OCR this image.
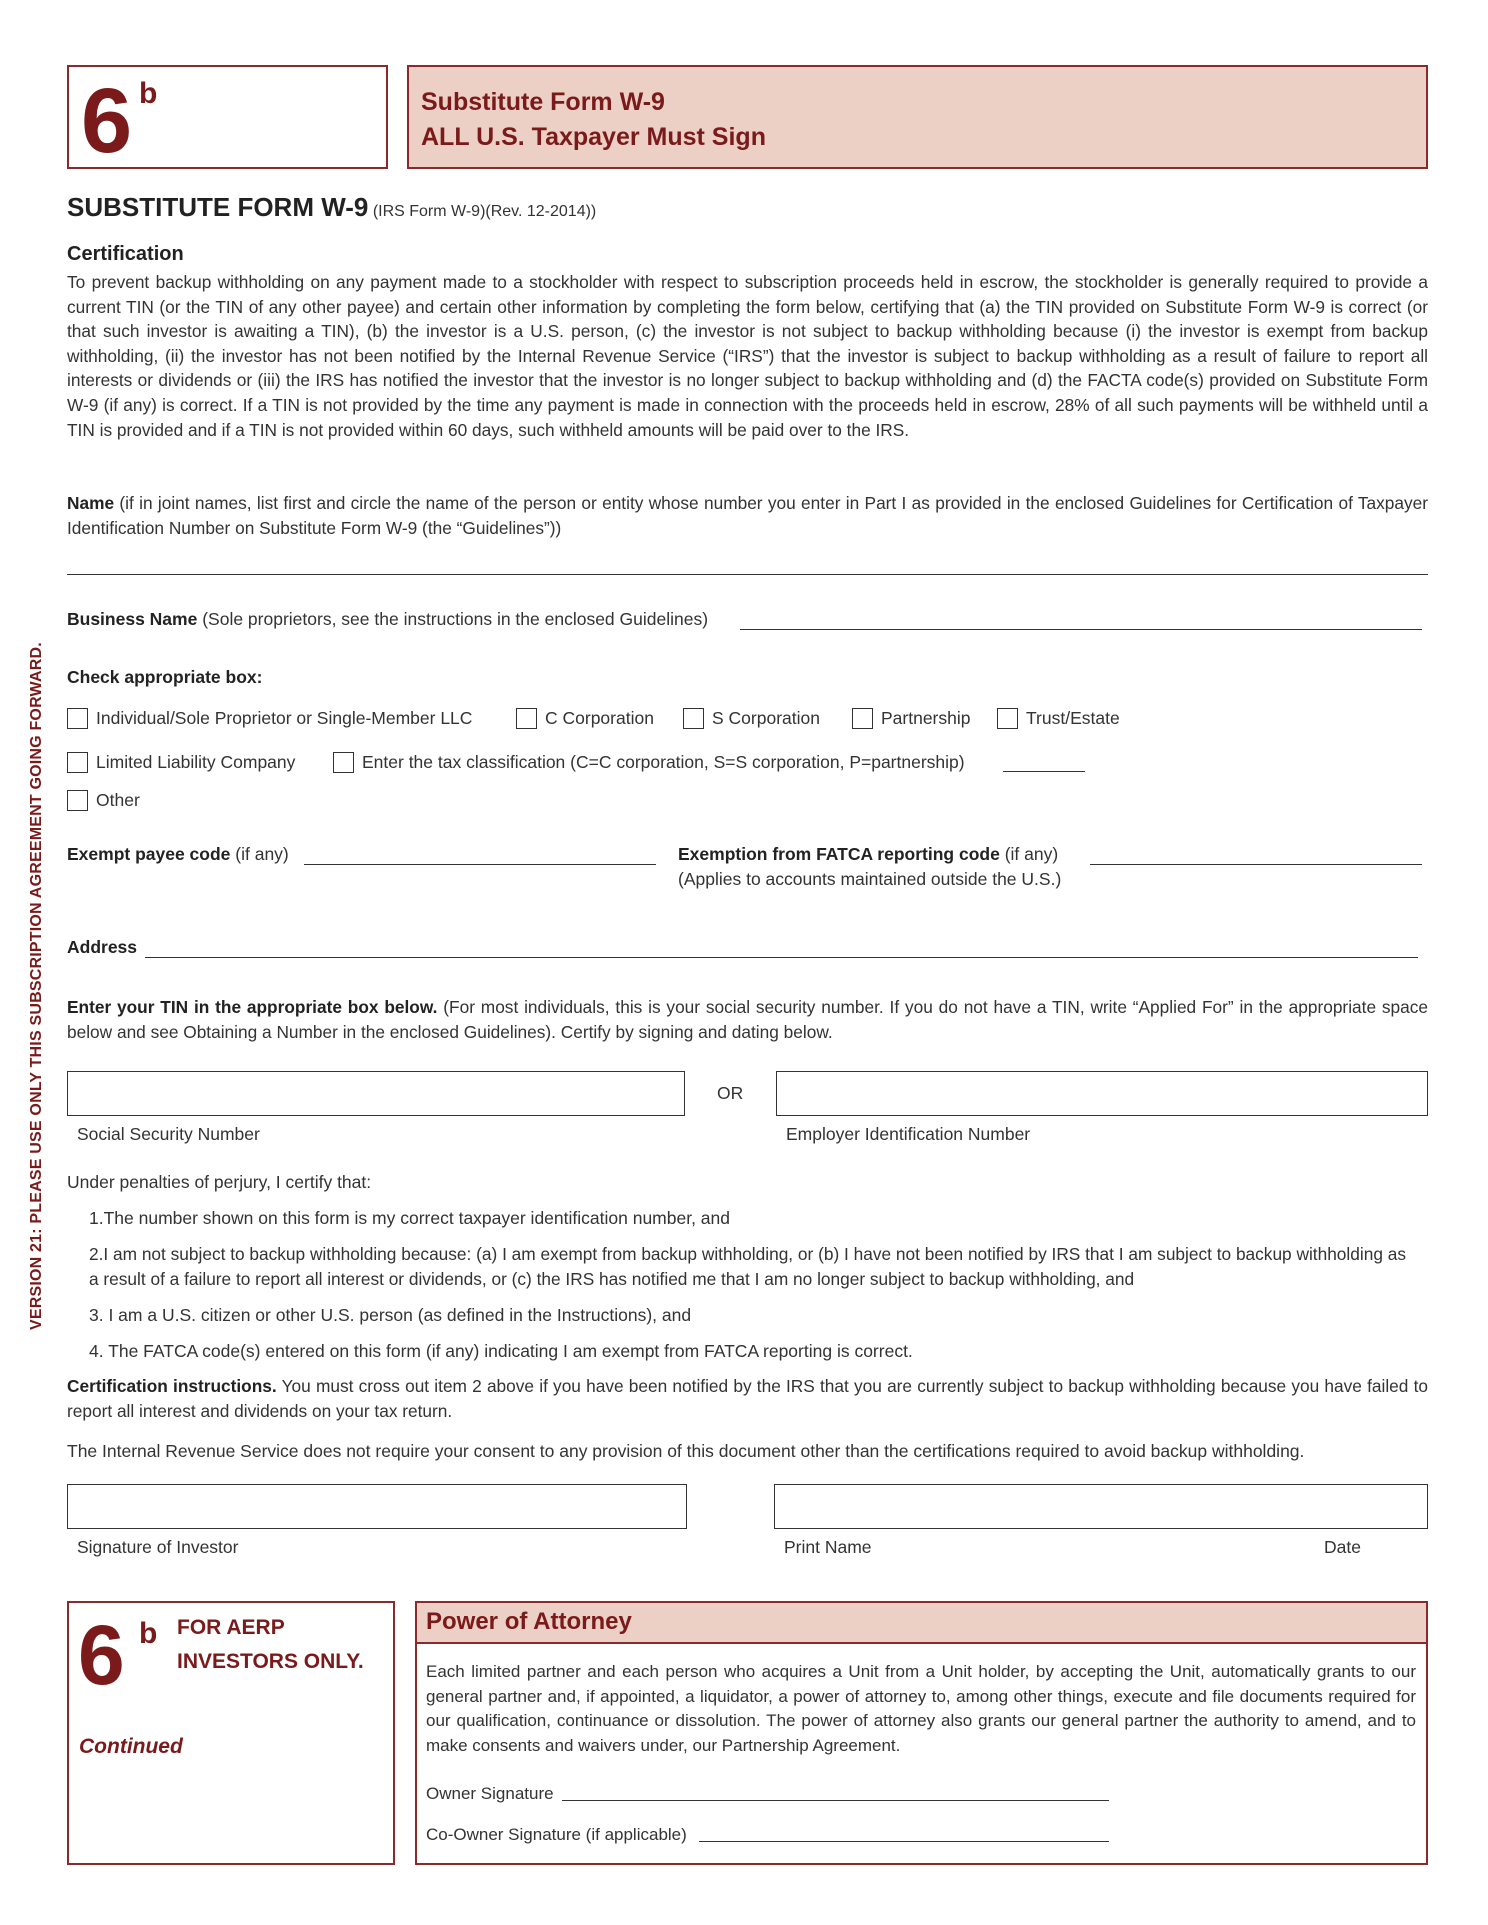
6 b	Substitute Form W-9
ALL U.S. Taxpayer Must Sign
VERSION 21: PLEASE USE ONLY THIS SUBSCRIPTION AGREEMENT GOING FORWARD.
SUBSTITUTE FORM W-9 (IRS Form W-9)(Rev. 12-2014))
Certification
To prevent backup withholding on any payment made to a stockholder with respect to subscription proceeds held in escrow, the stockholder is generally required to provide a current TIN (or the TIN of any other payee) and certain other information by completing the form below, certifying that (a) the TIN provided on Substitute Form W-9 is correct (or that such investor is awaiting a TIN), (b) the investor is a U.S. person, (c) the investor is not subject to backup withholding because (i) the investor is exempt from backup withholding, (ii) the investor has not been notified by the Internal Revenue Service (“IRS”) that the investor is subject to backup withholding as a result of failure to report all interests or dividends or (iii) the IRS has notified the investor that the investor is no longer subject to backup withholding and (d) the FACTA code(s) provided on Substitute Form W-9 (if any) is correct. If a TIN is not provided by the time any payment is made in connection with the proceeds held in escrow, 28% of all such payments will be withheld until a TIN is provided and if a TIN is not provided within 60 days, such withheld amounts will be paid over to the IRS.
Name (if in joint names, list first and circle the name of the person or entity whose number you enter in Part I as provided in the enclosed Guidelines for Certification of Taxpayer Identification Number on Substitute Form W-9 (the “Guidelines”))
Business Name (Sole proprietors, see the instructions in the enclosed Guidelines)
Check appropriate box:
Individual/Sole Proprietor or Single-Member LLC	C Corporation	S Corporation	Partnership	Trust/Estate
Limited Liability Company	Enter the tax classification (C=C corporation, S=S corporation, P=partnership)
Other
Exempt payee code (if any)	Exemption from FATCA reporting code (if any)
(Applies to accounts maintained outside the U.S.)
Address
Enter your TIN in the appropriate box below. (For most individuals, this is your social security number. If you do not have a TIN, write “Applied For” in the appropriate space below and see Obtaining a Number in the enclosed Guidelines). Certify by signing and dating below.
OR
Social Security Number	Employer Identification Number
Under penalties of perjury, I certify that:
1.The number shown on this form is my correct taxpayer identification number, and
2.I am not subject to backup withholding because: (a) I am exempt from backup withholding, or (b) I have not been notified by IRS that I am subject to backup withholding as a result of a failure to report all interest or dividends, or (c) the IRS has notified me that I am no longer subject to backup withholding, and
3. I am a U.S. citizen or other U.S. person (as defined in the Instructions), and
4. The FATCA code(s) entered on this form (if any) indicating I am exempt from FATCA reporting is correct.
Certification instructions. You must cross out item 2 above if you have been notified by the IRS that you are currently subject to backup withholding because you have failed to report all interest and dividends on your tax return.
The Internal Revenue Service does not require your consent to any provision of this document other than the certifications required to avoid backup withholding.
Signature of Investor	Print Name	Date
6 b FOR AERP
INVESTORS ONLY.
Continued
Power of Attorney
Each limited partner and each person who acquires a Unit from a Unit holder, by accepting the Unit, automatically grants to our general partner and, if appointed, a liquidator, a power of attorney to, among other things, execute and file documents required for our qualification, continuance or dissolution. The power of attorney also grants our general partner the authority to amend, and to make consents and waivers under, our Partnership Agreement.
Owner Signature
Co-Owner Signature (if applicable)
